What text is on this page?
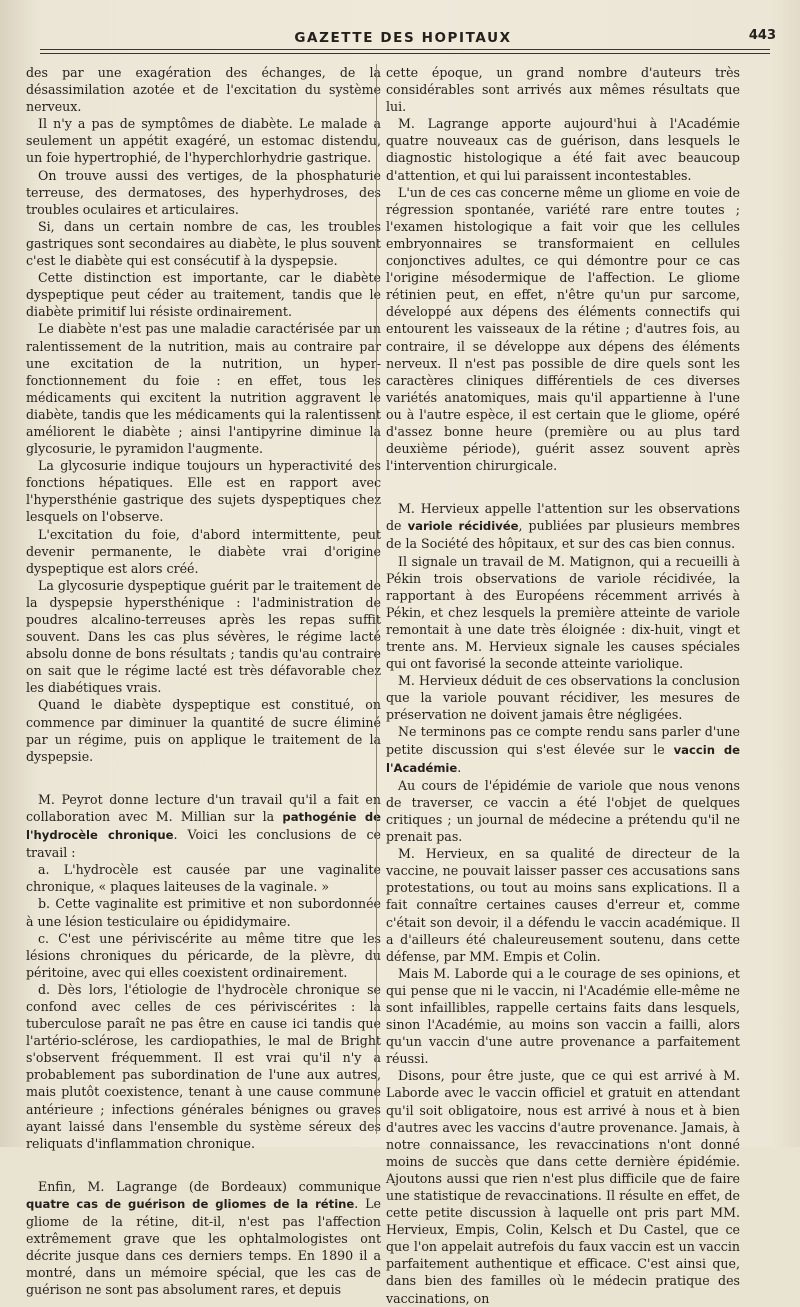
GAZETTE DES HOPITAUX	443

des par une exagération des échanges, de la désassimilation azotée et de l'excitation du système nerveux.

Il n'y a pas de symptômes de diabète. Le malade a seulement un appétit exagéré, un estomac distendu, un foie hypertrophié, de l'hyperchlorhydrie gastrique.

On trouve aussi des vertiges, de la phosphaturie terreuse, des dermatoses, des hyperhydroses, des troubles oculaires et articulaires.

Si, dans un certain nombre de cas, les troubles gastriques sont secondaires au diabète, le plus souvent c'est le diabète qui est consécutif à la dyspepsie.

Cette distinction est importante, car le diabète dyspeptique peut céder au traitement, tandis que le diabète primitif lui résiste ordinairement.

Le diabète n'est pas une maladie caractérisée par un ralentissement de la nutrition, mais au contraire par une excitation de la nutrition, un hyper-fonctionnement du foie : en effet, tous les médicaments qui excitent la nutrition aggravent le diabète, tandis que les médicaments qui la ralentissent améliorent le diabète ; ainsi l'antipyrine diminue la glycosurie, le pyramidon l'augmente.

La glycosurie indique toujours un hyperactivité des fonctions hépatiques. Elle est en rapport avec l'hypersthénie gastrique des sujets dyspeptiques chez lesquels on l'observe.

L'excitation du foie, d'abord intermittente, peut devenir permanente, le diabète vrai d'origine dyspeptique est alors créé.

La glycosurie dyspeptique guérit par le traitement de la dyspepsie hypersthénique : l'administration de poudres alcalino-terreuses après les repas suffit souvent. Dans les cas plus sévères, le régime lacté absolu donne de bons résultats ; tandis qu'au contraire on sait que le régime lacté est très défavorable chez les diabétiques vrais.

Quand le diabète dyspeptique est constitué, on commence par diminuer la quantité de sucre éliminé par un régime, puis on applique le traitement de la dyspepsie.

M. Peyrot donne lecture d'un travail qu'il a fait en collaboration avec M. Millian sur la pathogénie de l'hydrocèle chronique. Voici les conclusions de ce travail :

a. L'hydrocèle est causée par une vaginalite chronique, « plaques laiteuses de la vaginale. »

b. Cette vaginalite est primitive et non subordonnée à une lésion testiculaire ou épididymaire.

c. C'est une périviscérite au même titre que les lésions chroniques du péricarde, de la plèvre, du péritoine, avec qui elles coexistent ordinairement.

d. Dès lors, l'étiologie de l'hydrocèle chronique se confond avec celles de ces périviscérites : la tuberculose paraît ne pas être en cause ici tandis que l'artério-sclérose, les cardiopathies, le mal de Bright s'observent fréquemment. Il est vrai qu'il n'y a probablement pas subordination de l'une aux autres, mais plutôt coexistence, tenant à une cause commune antérieure ; infections générales bénignes ou graves ayant laissé dans l'ensemble du système séreux des reliquats d'inflammation chronique.

Enfin, M. Lagrange (de Bordeaux) communique quatre cas de guérison de gliomes de la rétine. Le gliome de la rétine, dit-il, n'est pas l'affection extrêmement grave que les ophtalmologistes ont décrite jusque dans ces derniers temps. En 1890 il a montré, dans un mémoire spécial, que les cas de guérison ne sont pas absolument rares, et depuis

cette époque, un grand nombre d'auteurs très considérables sont arrivés aux mêmes résultats que lui.

M. Lagrange apporte aujourd'hui à l'Académie quatre nouveaux cas de guérison, dans lesquels le diagnostic histologique a été fait avec beaucoup d'attention, et qui lui paraissent incontestables.

L'un de ces cas concerne même un gliome en voie de régression spontanée, variété rare entre toutes ; l'examen histologique a fait voir que les cellules embryonnaires se transformaient en cellules conjonctives adultes, ce qui démontre pour ce cas l'origine mésodermique de l'affection. Le gliome rétinien peut, en effet, n'être qu'un pur sarcome, développé aux dépens des éléments connectifs qui entourent les vaisseaux de la rétine ; d'autres fois, au contraire, il se développe aux dépens des éléments nerveux. Il n'est pas possible de dire quels sont les caractères cliniques différentiels de ces diverses variétés anatomiques, mais qu'il appartienne à l'une ou à l'autre espèce, il est certain que le gliome, opéré d'assez bonne heure (première ou au plus tard deuxième période), guérit assez souvent après l'intervention chirurgicale.

M. Hervieux appelle l'attention sur les observations de variole récidivée, publiées par plusieurs membres de la Société des hôpitaux, et sur des cas bien connus.

Il signale un travail de M. Matignon, qui a recueilli à Pékin trois observations de variole récidivée, la rapportant à des Européens récemment arrivés à Pékin, et chez lesquels la première atteinte de variole remontait à une date très éloignée : dix-huit, vingt et trente ans. M. Hervieux signale les causes spéciales qui ont favorisé la seconde atteinte variolique.

M. Hervieux déduit de ces observations la conclusion que la variole pouvant récidiver, les mesures de préservation ne doivent jamais être négligées.

Ne terminons pas ce compte rendu sans parler d'une petite discussion qui s'est élevée sur le vaccin de l'Académie.

Au cours de l'épidémie de variole que nous venons de traverser, ce vaccin a été l'objet de quelques critiques ; un journal de médecine a prétendu qu'il ne prenait pas.

M. Hervieux, en sa qualité de directeur de la vaccine, ne pouvait laisser passer ces accusations sans protestations, ou tout au moins sans explications. Il a fait connaître certaines causes d'erreur et, comme c'était son devoir, il a défendu le vaccin académique. Il a d'ailleurs été chaleureusement soutenu, dans cette défense, par MM. Empis et Colin.

Mais M. Laborde qui a le courage de ses opinions, et qui pense que ni le vaccin, ni l'Académie elle-même ne sont infaillibles, rappelle certains faits dans lesquels, sinon l'Académie, au moins son vaccin a failli, alors qu'un vaccin d'une autre provenance a parfaitement réussi.

Disons, pour être juste, que ce qui est arrivé à M. Laborde avec le vaccin officiel et gratuit en attendant qu'il soit obligatoire, nous est arrivé à nous et à bien d'autres avec les vaccins d'autre provenance. Jamais, à notre connaissance, les revaccinations n'ont donné moins de succès que dans cette dernière épidémie. Ajoutons aussi que rien n'est plus difficile que de faire une statistique de revaccinations. Il résulte en effet, de cette petite discussion à laquelle ont pris part MM. Hervieux, Empis, Colin, Kelsch et Du Castel, que ce que l'on appelait autrefois du faux vaccin est un vaccin parfaitement authentique et efficace. C'est ainsi que, dans bien des familles où le médecin pratique des vaccinations, on
